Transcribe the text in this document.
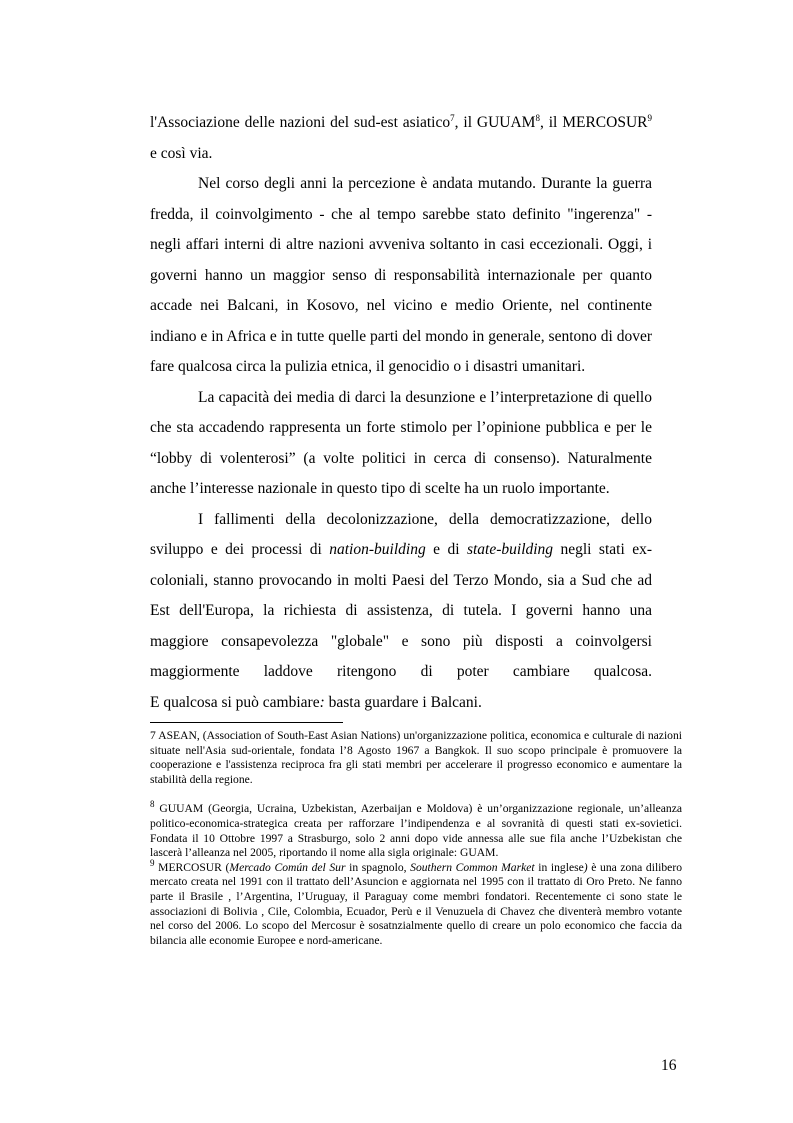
l'Associazione delle nazioni del sud-est asiatico$^7$, il GUUAM$^8$, il MERCOSUR$^9$ e così via.

Nel corso degli anni la percezione è andata mutando. Durante la guerra fredda, il coinvolgimento - che al tempo sarebbe stato definito "ingerenza" - negli affari interni di altre nazioni avveniva soltanto in casi eccezionali. Oggi, i governi hanno un maggior senso di responsabilità internazionale per quanto accade nei Balcani, in Kosovo, nel vicino e medio Oriente, nel continente indiano e in Africa e in tutte quelle parti del mondo in generale, sentono di dover fare qualcosa circa la pulizia etnica, il genocidio o i disastri umanitari.

La capacità dei media di darci la desunzione e l’interpretazione di quello che sta accadendo rappresenta un forte stimolo per l’opinione pubblica e per le “lobby di volenterosi” (a volte politici in cerca di consenso). Naturalmente anche l’interesse nazionale in questo tipo di scelte ha un ruolo importante.

I fallimenti della decolonizzazione, della democratizzazione, dello sviluppo e dei processi di nation-building e di state-building negli stati ex-coloniali, stanno provocando in molti Paesi del Terzo Mondo, sia a Sud che ad Est dell'Europa, la richiesta di assistenza, di tutela. I governi hanno una maggiore consapevolezza "globale" e sono più disposti a coinvolgersi maggiormente laddove ritengono di poter cambiare qualcosa.

E qualcosa si può cambiare: basta guardare i Balcani.

7 ASEAN, (Association of South-East Asian Nations) un'organizzazione politica, economica e culturale di nazioni situate nell'Asia sud-orientale, fondata l’8 Agosto 1967 a Bangkok. Il suo scopo principale è promuovere la cooperazione e l'assistenza reciproca fra gli stati membri per accelerare il progresso economico e aumentare la stabilità della regione.

$^8$ GUUAM (Georgia, Ucraina, Uzbekistan, Azerbaijan e Moldova) è un’organizzazione regionale, un’alleanza politico-economica-strategica creata per rafforzare l’indipendenza e al sovranità di questi stati ex-sovietici. Fondata il 10 Ottobre 1997 a Strasburgo, solo 2 anni dopo vide annessa alle sue fila anche l’Uzbekistan che lascerà l’alleanza nel 2005, riportando il nome alla sigla originale: GUAM.

$^9$ MERCOSUR (Mercado Común del Sur in spagnolo, Southern Common Market in inglese) è una zona dilibero mercato creata nel 1991 con il trattato dell’Asuncion e aggiornata nel 1995 con il trattato di Oro Preto. Ne fanno parte il Brasile , l’Argentina, l’Uruguay, il Paraguay come membri fondatori. Recentemente ci sono state le associazioni di Bolivia , Cile, Colombia, Ecuador, Perù e il Venuzuela di Chavez che diventerà membro votante nel corso del 2006. Lo scopo del Mercosur è sosatnzialmente quello di creare un polo economico che faccia da bilancia alle economie Europee e nord-americane.

16
